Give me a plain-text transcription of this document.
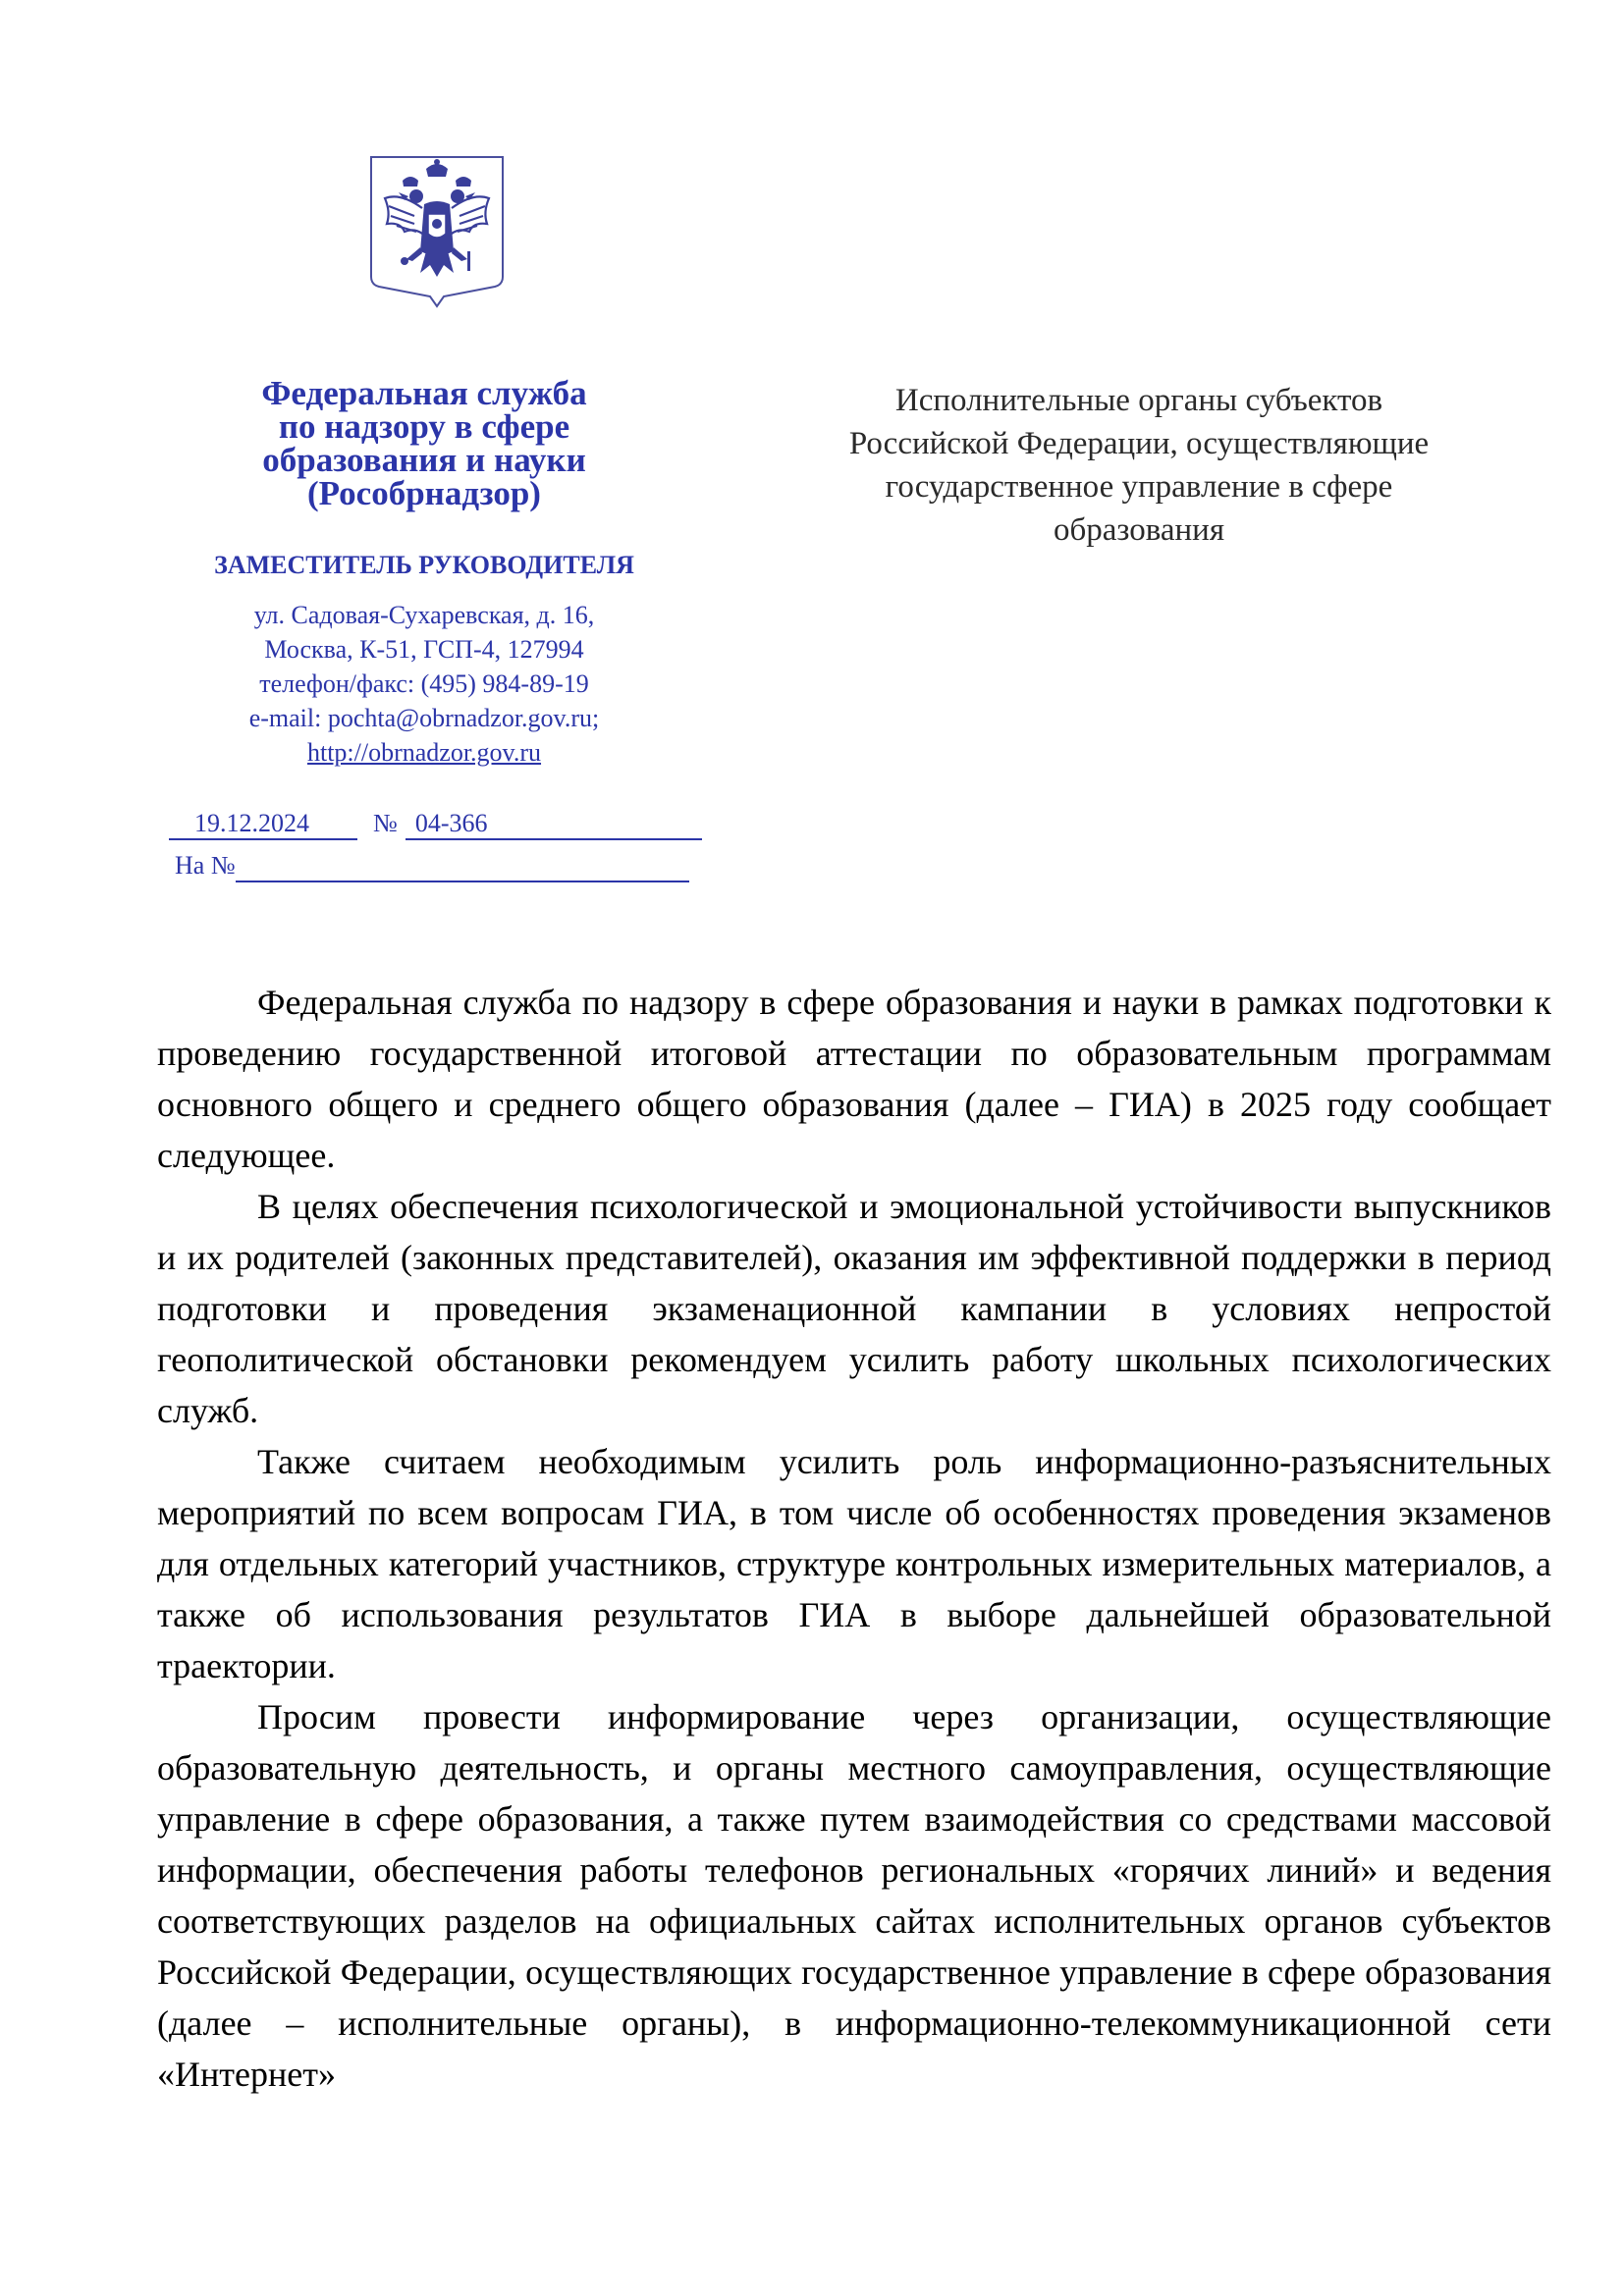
Федеральная служба
по надзору в сфере
образования и науки
(Рособрнадзор)
ЗАМЕСТИТЕЛЬ РУКОВОДИТЕЛЯ
ул. Садовая-Сухаревская, д. 16,
Москва, К-51, ГСП-4, 127994
телефон/факс: (495) 984-89-19
e-mail: pochta@obrnadzor.gov.ru;
http://obrnadzor.gov.ru
19.12.2024	№ 04-366
На №
Исполнительные органы субъектов
Российской Федерации, осуществляющие
государственное управление в сфере
образования

Федеральная служба по надзору в сфере образования и науки в рамках подготовки к проведению государственной итоговой аттестации по образовательным программам основного общего и среднего общего образования (далее – ГИА) в 2025 году сообщает следующее.

В целях обеспечения психологической и эмоциональной устойчивости выпускников и их родителей (законных представителей), оказания им эффективной поддержки в период подготовки и проведения экзаменационной кампании в условиях непростой геополитической обстановки рекомендуем усилить работу школьных психологических служб.

Также считаем необходимым усилить роль информационно-разъяснительных мероприятий по всем вопросам ГИА, в том числе об особенностях проведения экзаменов для отдельных категорий участников, структуре контрольных измерительных материалов, а также об использования результатов ГИА в выборе дальнейшей образовательной траектории.

Просим провести информирование через организации, осуществляющие образовательную деятельность, и органы местного самоуправления, осуществляющие управление в сфере образования, а также путем взаимодействия со средствами массовой информации, обеспечения работы телефонов региональных «горячих линий» и ведения соответствующих разделов на официальных сайтах исполнительных органов субъектов Российской Федерации, осуществляющих государственное управление в сфере образования (далее – исполнительные органы), в информационно-телекоммуникационной сети «Интернет»
